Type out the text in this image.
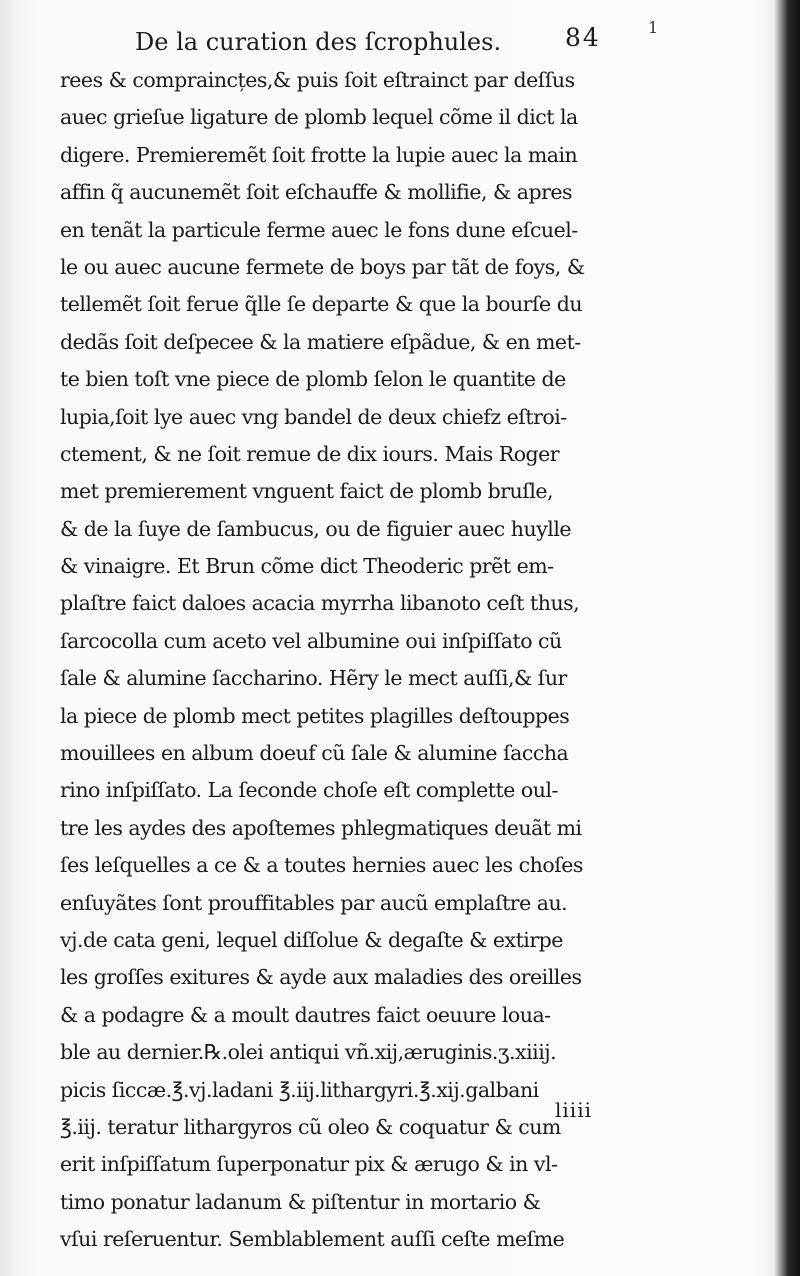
De la curation des ſcrophules.	84	1
rees & compraincțes,& puis ſoit eſtrainct par deſſus
auec grieſue ligature de plomb lequel cõme il dict la
digere. Premieremẽt ſoit frotte la lupie auec la main
affin q̃ aucunemẽt ſoit eſchauffe & mollifie, & apres
en tenãt la particule ferme auec le fons dune eſcuel-
le ou auec aucune fermete de boys par tãt de foys, &
tellemẽt ſoit ferue q̃lle ſe departe & que la bourſe du
dedãs ſoit deſpecee & la matiere eſpãdue, & en met-
te bien toſt vne piece de plomb ſelon le quantite de
lupia,ſoit lye auec vng bandel de deux chiefz eſtroi-
ctement, & ne ſoit remue de dix iours. Mais Roger
met premierement vnguent faict de plomb bruſle,
& de la ſuye de ſambucus, ou de figuier auec huylle
& vinaigre. Et Brun cõme dict Theoderic prẽt em-
plaſtre faict daloes acacia myrrha libanoto ceſt thus,
ſarcocolla cum aceto vel albumine oui inſpiſſato cũ
ſale & alumine ſaccharino. Hẽry le mect auſſi,& ſur
la piece de plomb mect petites plagilles deſtouppes
mouillees en album doeuf cũ ſale & alumine ſaccha
rino inſpiſſato. La ſeconde choſe eſt complette oul-
tre les aydes des apoſtemes phlegmatiques deuãt mi
ſes leſquelles a ce & a toutes hernies auec les choſes
enſuyãtes ſont prouffitables par aucũ emplaſtre au.
vj.de cata geni, lequel diſſolue & degaſte & extirpe
les groſſes exitures & ayde aux maladies des oreilles
& a podagre & a moult dautres faict oeuure loua-
ble au dernier.℞.olei antiqui vñ.xij,æruginis.ʒ.xiiij.
picis ſiccæ.℥.vj.ladani ℥.iij.lithargyri.℥.xij.galbani
℥.iij. teratur lithargyros cũ oleo & coquatur & cum
erit inſpiſſatum ſuperponatur pix & ærugo & in vl-
timo ponatur ladanum & piſtentur in mortario &
vſui reſeruentur. Semblablement auſſi ceſte meſme
liiii
